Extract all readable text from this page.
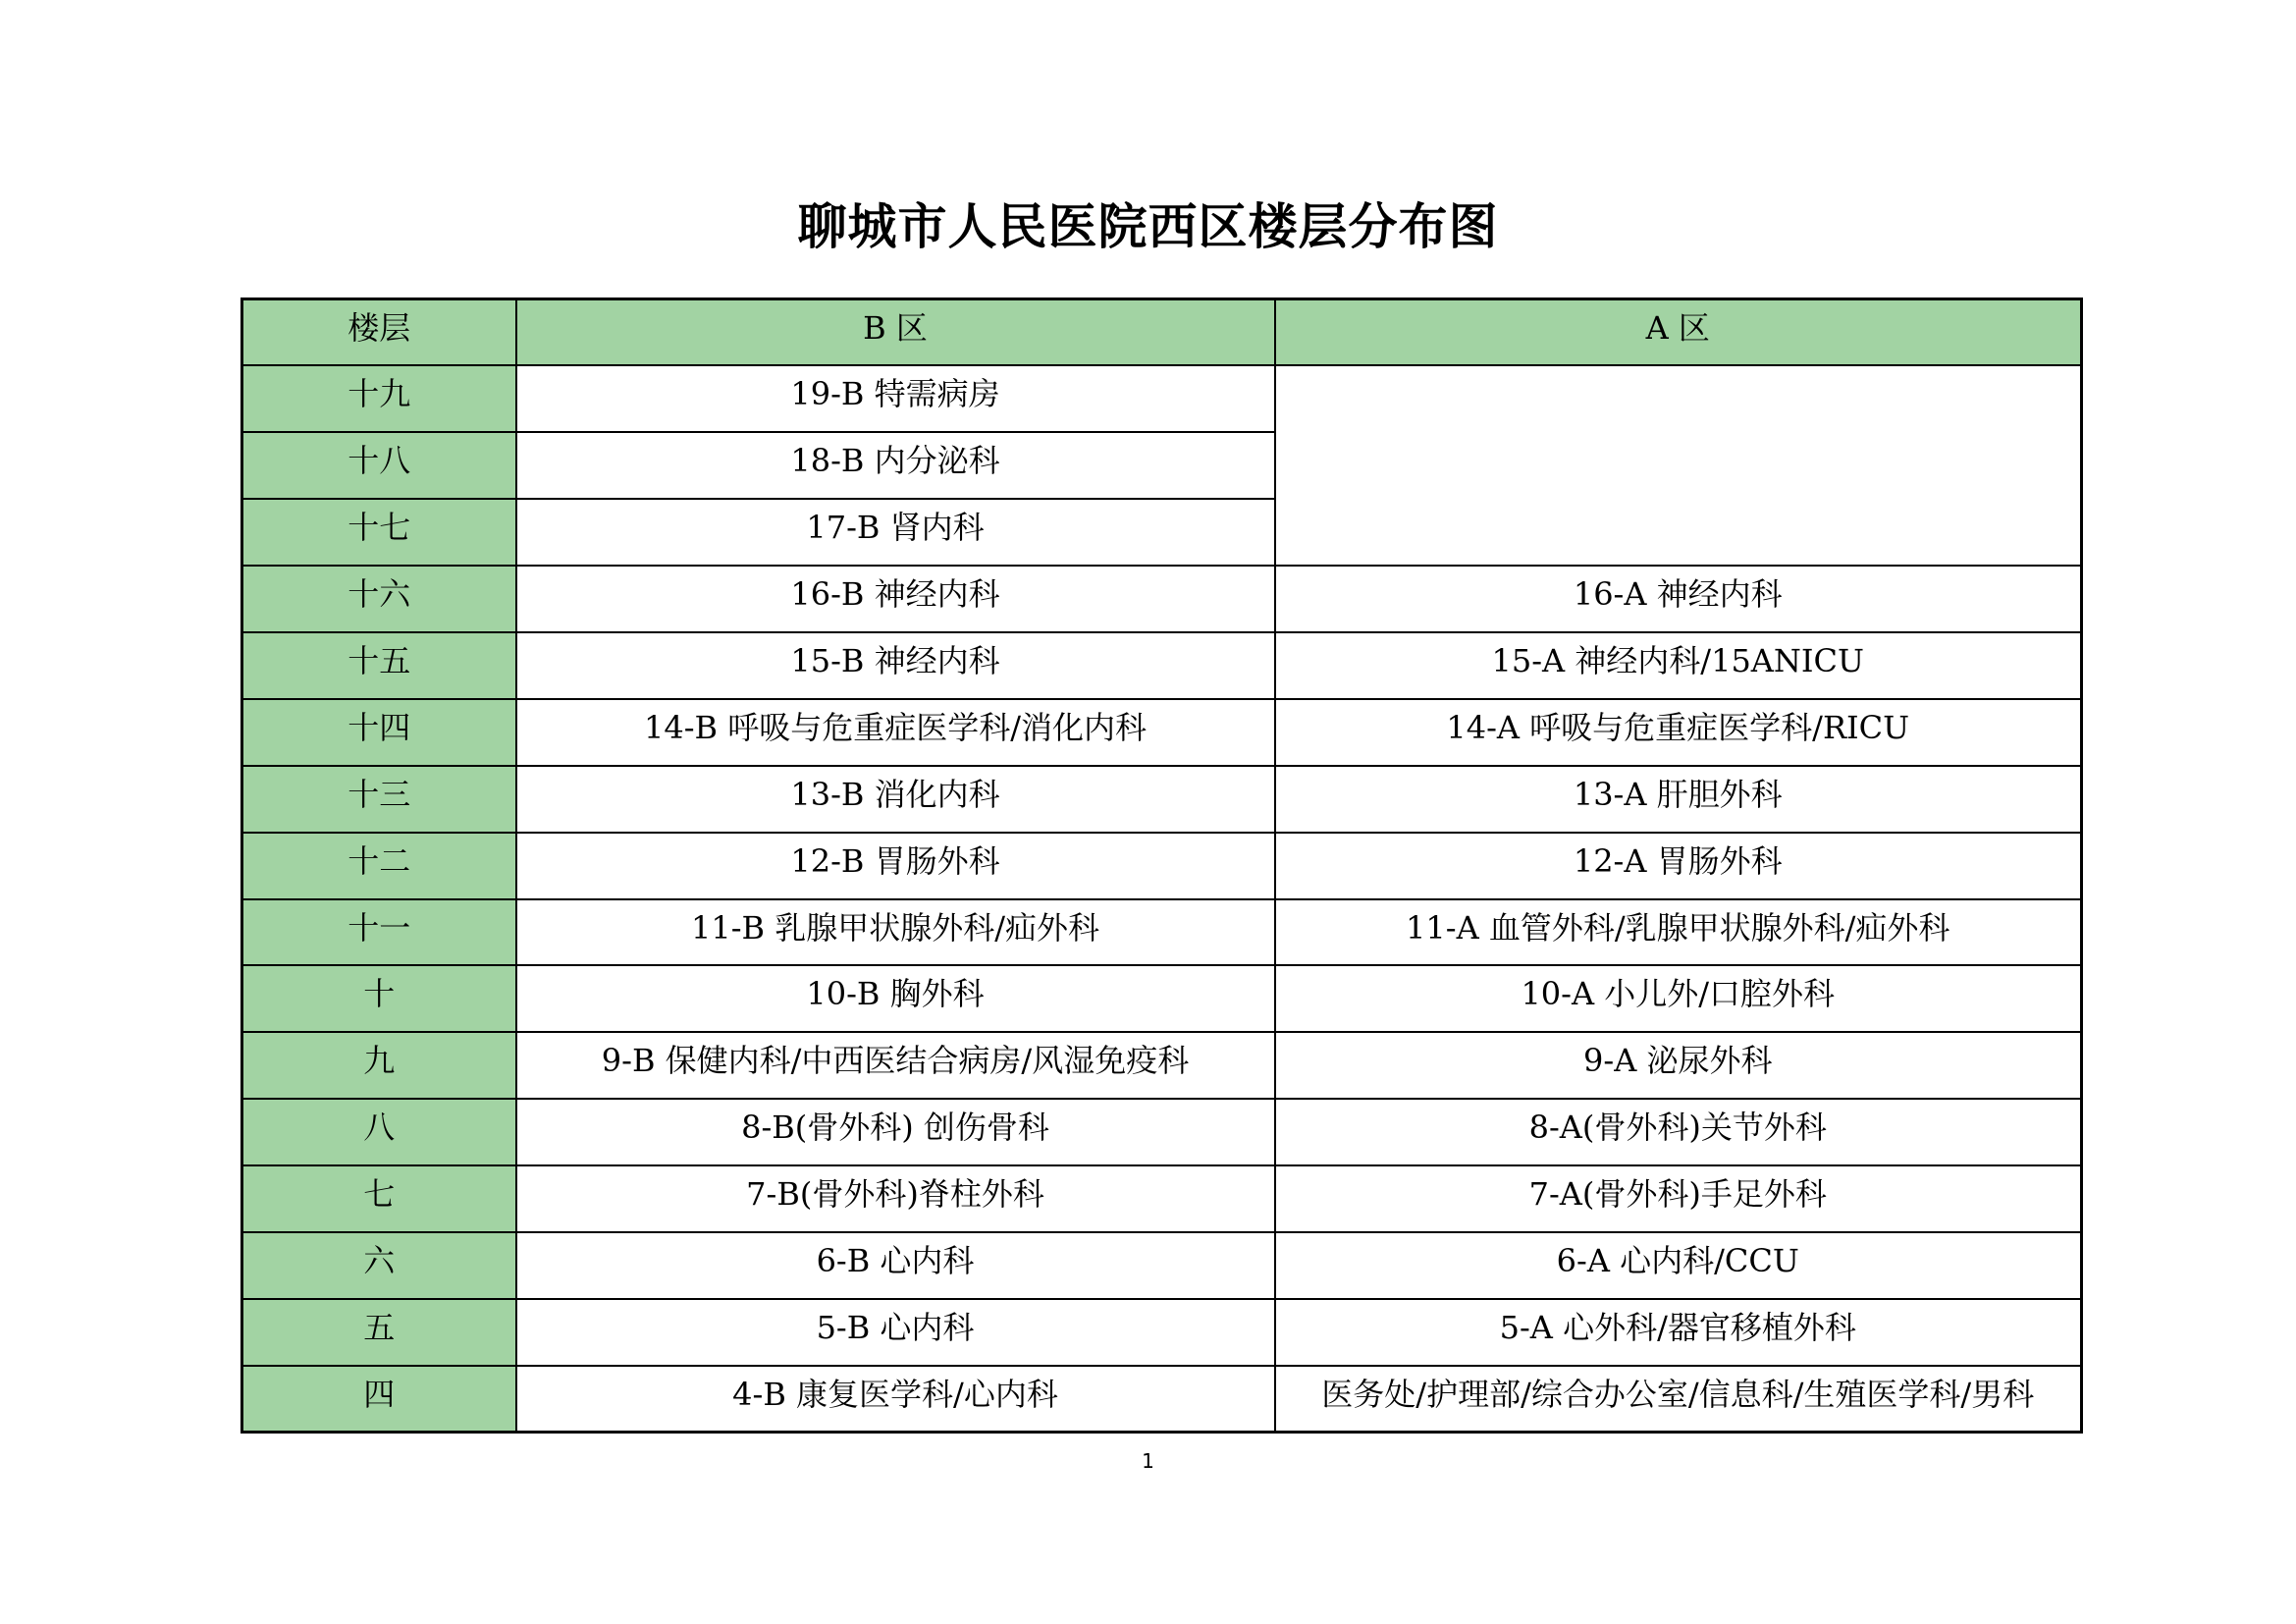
聊城市人民医院西区楼层分布图
楼层	B 区	A 区
十九	19-B 特需病房	
十八	18-B 内分泌科	
十七	17-B 肾内科	
十六	16-B 神经内科	16-A 神经内科
十五	15-B 神经内科	15-A 神经内科/15ANICU
十四	14-B 呼吸与危重症医学科/消化内科	14-A 呼吸与危重症医学科/RICU
十三	13-B 消化内科	13-A 肝胆外科
十二	12-B 胃肠外科	12-A 胃肠外科
十一	11-B 乳腺甲状腺外科/疝外科	11-A 血管外科/乳腺甲状腺外科/疝外科
十	10-B 胸外科	10-A 小儿外/口腔外科
九	9-B 保健内科/中西医结合病房/风湿免疫科	9-A 泌尿外科
八	8-B(骨外科) 创伤骨科	8-A(骨外科)关节外科
七	7-B(骨外科)脊柱外科	7-A(骨外科)手足外科
六	6-B 心内科	6-A 心内科/CCU
五	5-B 心内科	5-A 心外科/器官移植外科
四	4-B 康复医学科/心内科	医务处/护理部/综合办公室/信息科/生殖医学科/男科
1
